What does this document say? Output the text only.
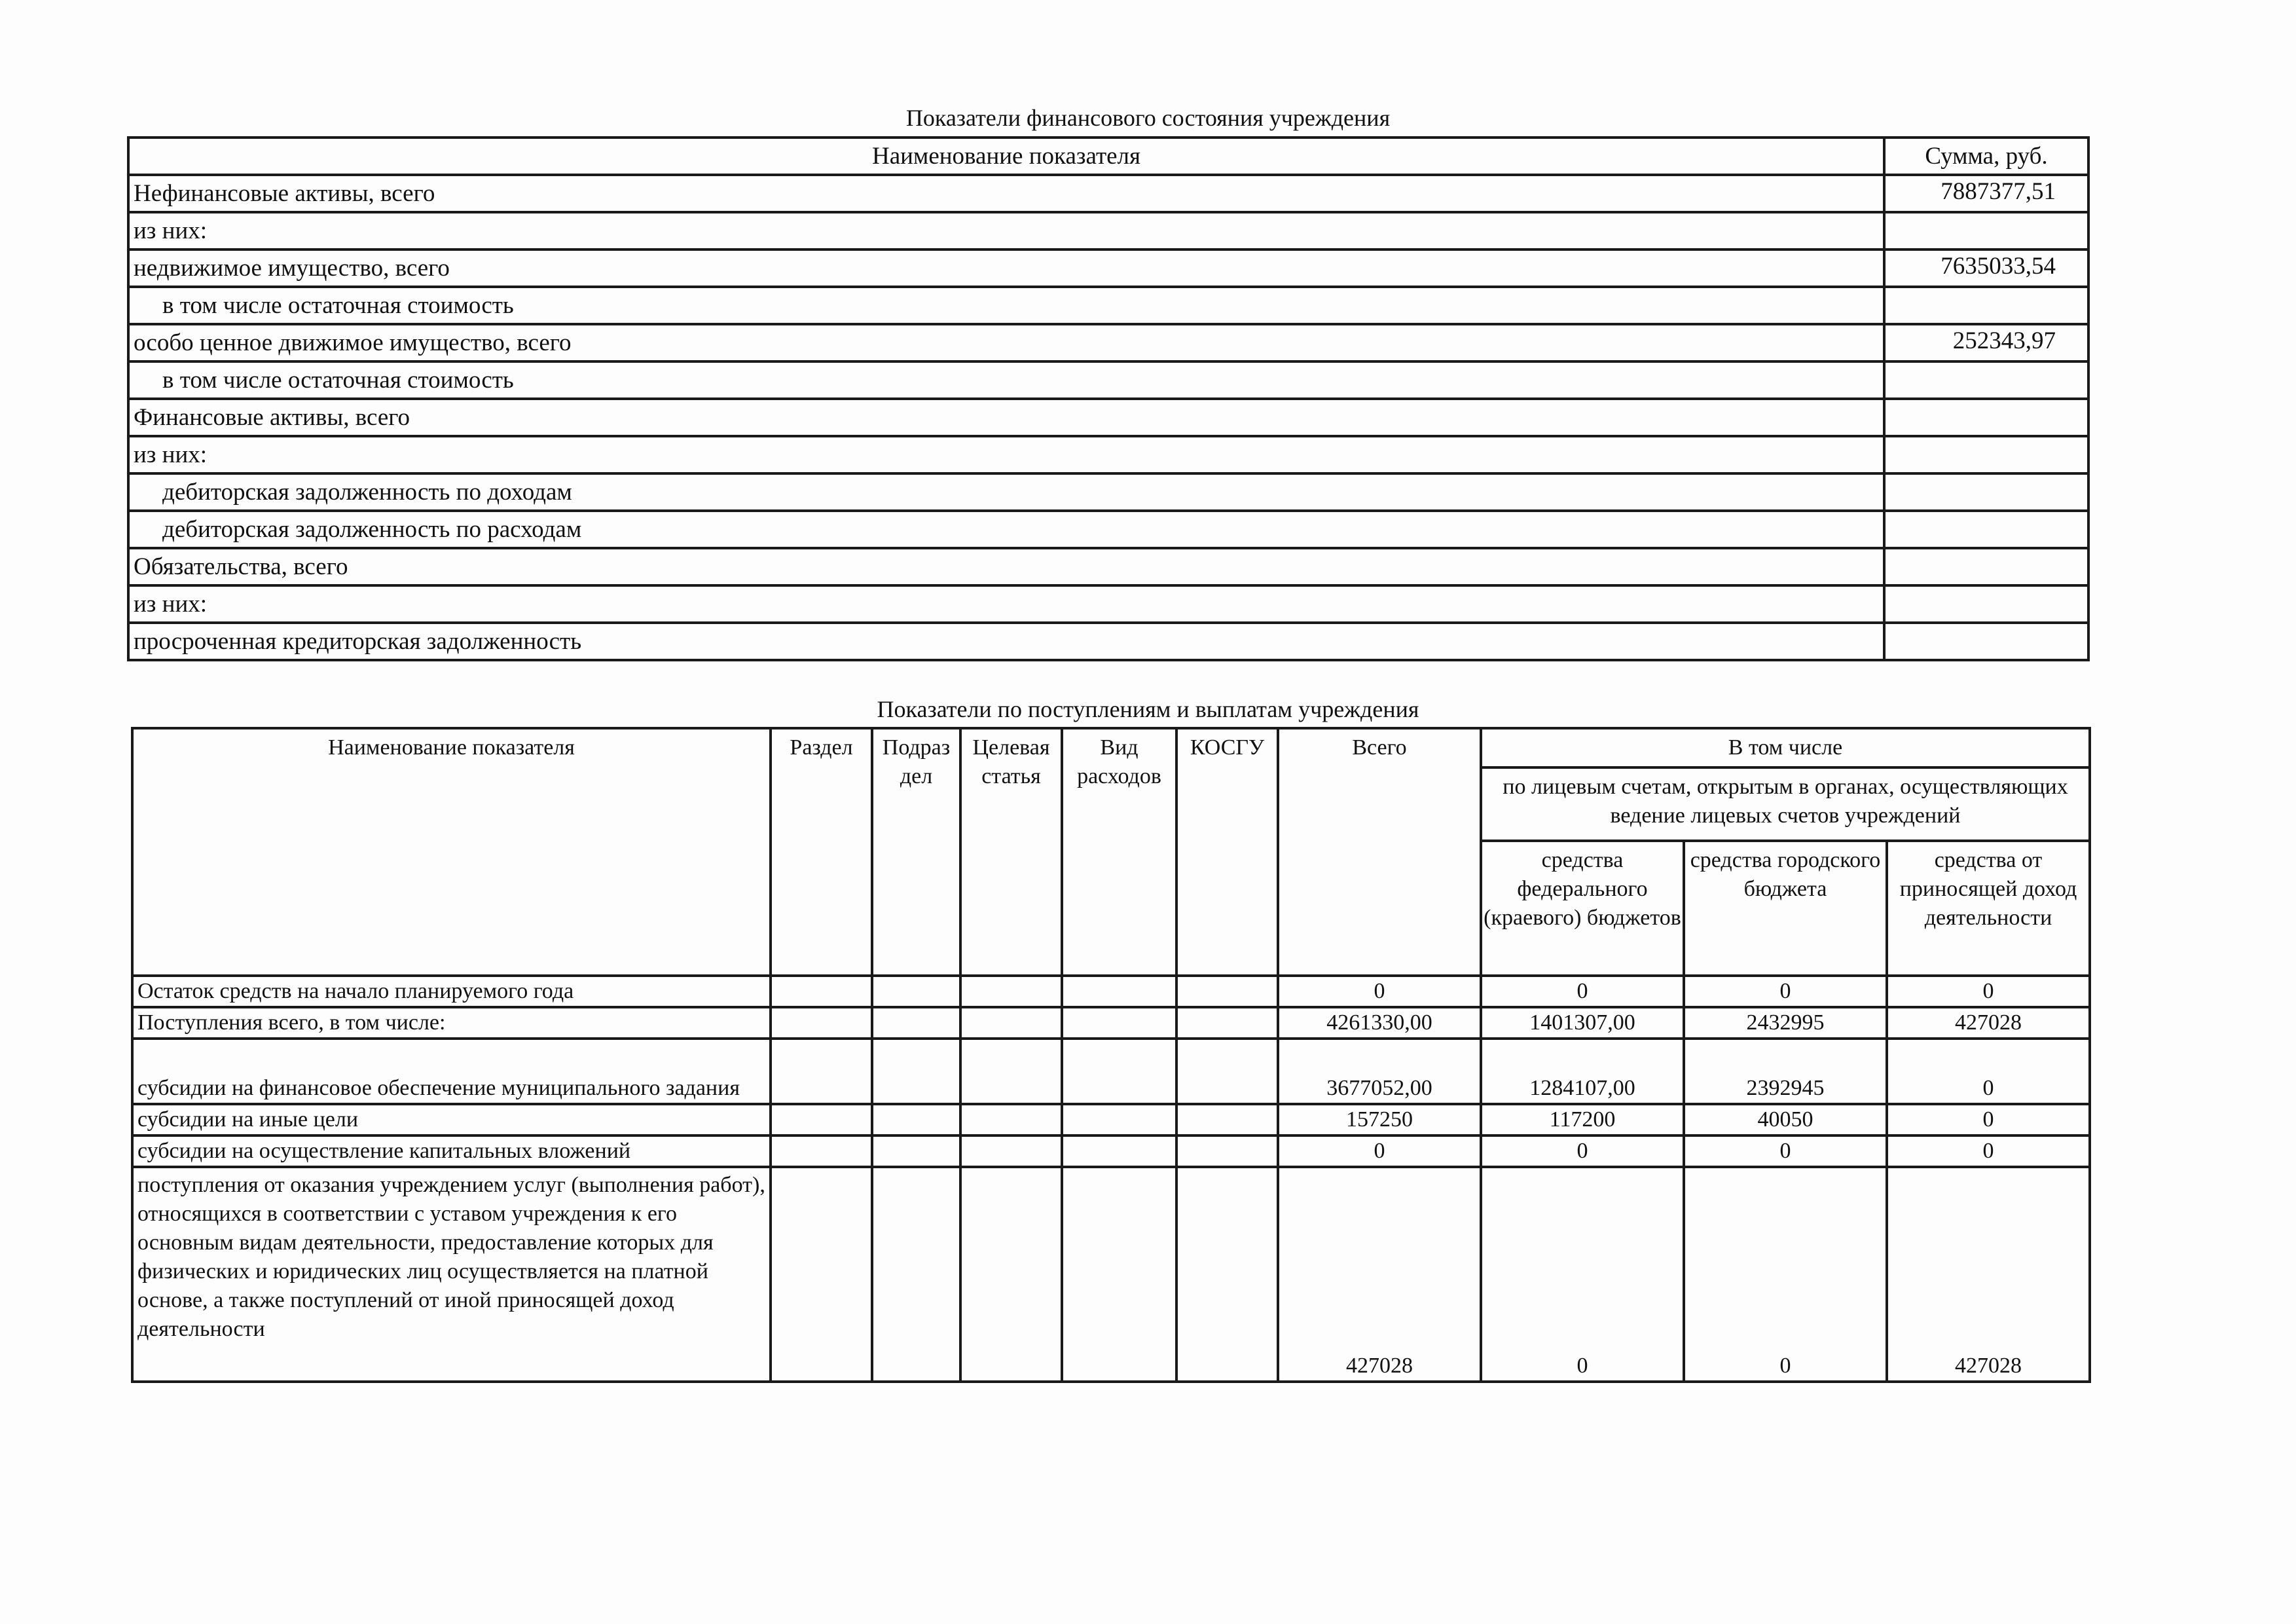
Показатели финансового состояния учреждения
Наименование показателя	Сумма, руб.
Нефинансовые активы, всего	7887377,51
из них:	
недвижимое имущество, всего	7635033,54
в том числе остаточная стоимость	
особо ценное движимое имущество, всего	252343,97
в том числе остаточная стоимость	
Финансовые активы, всего	
из них:	
дебиторская задолженность по доходам	
дебиторская задолженность по расходам	
Обязательства, всего	
из них:	
просроченная кредиторская задолженность	
Показатели по поступлениям и выплатам учреждения
Наименование показателя	Раздел	Подраз дел	Целевая статья	Вид расходов	КОСГУ	Всего	В том числе		
							по лицевым счетам, открытым в органах, осуществляющих ведение лицевых счетов учреждений		
							средства федерального (краевого) бюджетов	средства городского бюджета	средства от приносящей доход деятельности
Остаток средств на начало планируемого года						0	0	0	0
Поступления всего, в том числе:						4261330,00	1401307,00	2432995	427028
субсидии на финансовое обеспечение муниципального задания						3677052,00	1284107,00	2392945	0
субсидии на иные цели						157250	117200	40050	0
субсидии на осуществление капитальных вложений						0	0	0	0
поступления от оказания учреждением услуг (выполнения работ), относящихся в соответствии с уставом учреждения к его основным видам деятельности, предоставление которых для физических и юридических лиц осуществляется на платной основе, а также поступлений от иной приносящей доход деятельности						427028	0	0	427028
